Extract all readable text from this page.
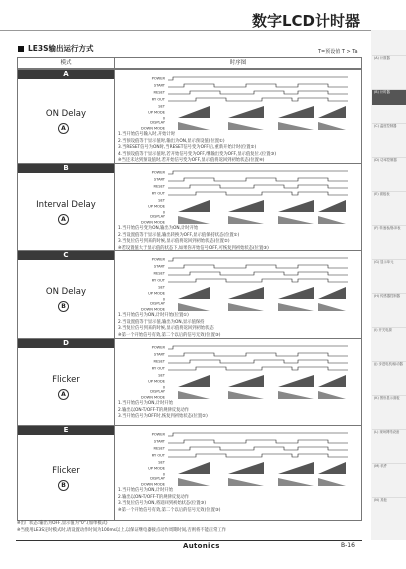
数字LCD计时器
LE3S输出运行方式	T=预设值 T > Ta
模式	时序图
A
ON Delay
A
POWER
START
RESET
RY OUT
SET
UP MODE
0
DISPLAY
DOWN MODE
1.当开始信号输入时,开始计时
2.当预设值等于显示值时,输出为ON,显示预设值(位置①)
3.当RESET信号为ON时,当RESET信号变为OFF后,重新开始计时(位置②)
4.当预设值等于显示值时,若开始信号变为OFF,继输出变为OFF,显示值复位.(位置③)
※当还未达到预设值时,若开始信号变为OFF,显示值将返回到初始状态(位置④)
B
Interval Delay
A
POWER
START
RESET
RY OUT
SET
UP MODE
0
DISPLAY
DOWN MODE
1.当开始信号变为ON,输出为ON,计时开始
2.当设置值等于显示值,输出转换为OFF,显示值保持状态(位置①)
3.当复位信号到来的时候,显示值将返回到初始状态(位置②)
※若设置值大于显示值的状态下,如果你开始信号OFF,可恢复到初始状态(位置③)
C
ON Delay
B
POWER
START
RESET
RY OUT
SET
UP MODE
0
DISPLAY
DOWN MODE
1.当开始信号为ON,计时开始(位置①)
2.当设置值等于显示值,输出为ON,显示值保持
3.当复位信号到来的时候,显示值将返回到初始状态
※第一个开始信号有效,第二个以后的信号无效(位置③)
D
Flicker
A
POWER
START
RESET
RY OUT
SET
UP MODE
0
DISPLAY
DOWN MODE
1.当开始信号为ON,计时开始
2.输出以ON-T/OFF-T的规律反复动作
3.当开始信号为OFF时,恢复到初始状态(位置②)
E
Flicker
B
POWER
START
RESET
RY OUT
SET
UP MODE
0
DISPLAY
DOWN MODE
1.当开始信号为ON,计时开始
2.输出以ON-T/OFF-T的规律反复动作
3.当复位信号为ON,将返回到初始状态(位置③)
※第一个开始信号有效,第二个以后的信号无效(位置③)
※出厂状态:输出为OFF,显示值为"0".(加单模式)
※当使用LE3S定时模式时,请设置动作时间为100ms以上,以保证继电器接点动作周期时间,否则将不能正常工作
Autonics	B-16
(A) 计数器
(B) 计时器
(C) 温度控制器
(D) 功率控制器
(E) 面板表
(F) 转速表/脉冲表
(G) 显示单元
(H) 传感器控制器
(I) 开关电源
(J) 步进电机/驱动器
(K) 图形显示面板
(L) 现场网络设备
(M) 软件
(N) 其他
